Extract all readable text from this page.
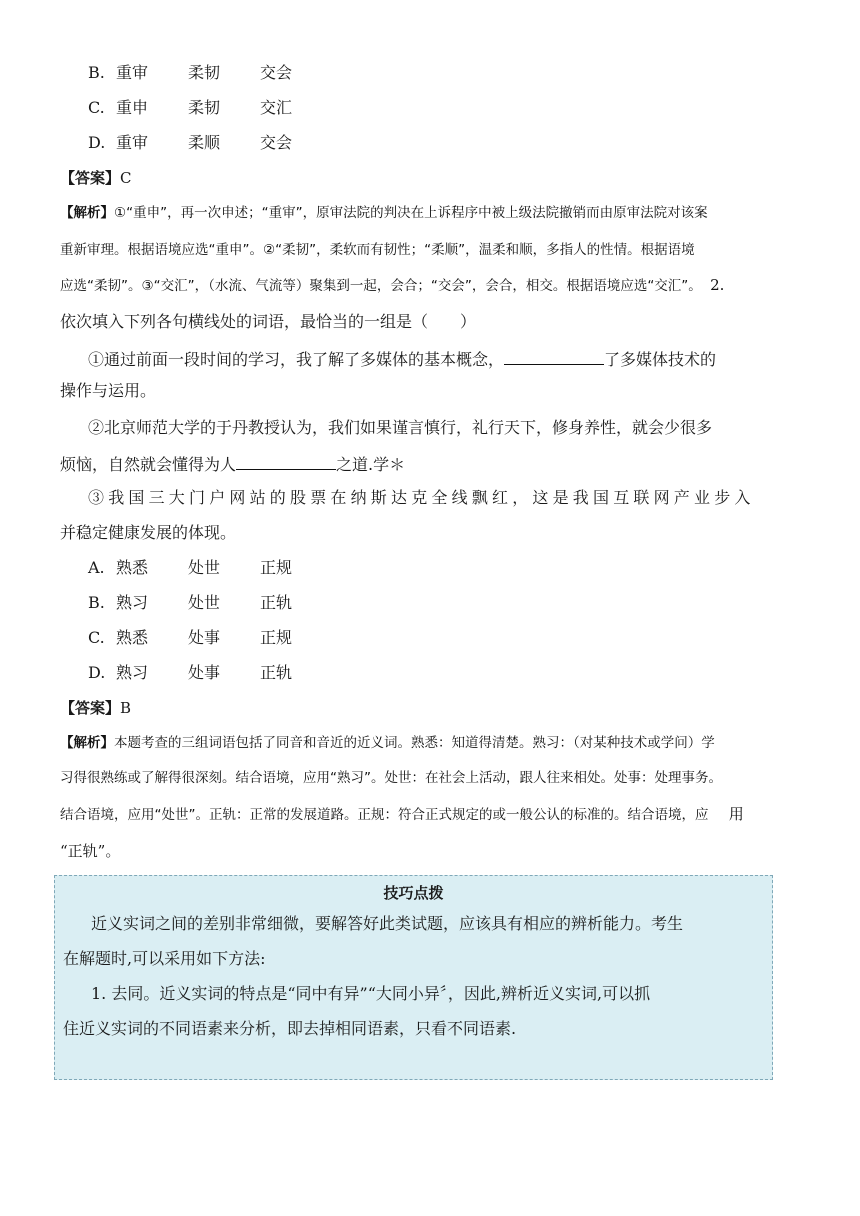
B. 重审 柔韧 交会
C. 重申 柔韧 交汇
D. 重审 柔顺 交会
【答案】C
【解析】①“重申”，再一次申述；“重审”，原审法院的判决在上诉程序中被上级法院撤销而由原审法院对该案
重新审理。根据语境应选“重申”。②“柔韧”，柔软而有韧性；“柔顺”，温柔和顺，多指人的性情。根据语境
应选“柔韧”。③“交汇”，（水流、气流等）聚集到一起，会合；“交会”，会合，相交。根据语境应选“交汇”。 2.
依次填入下列各句横线处的词语，最恰当的一组是（　　）
①通过前面一段时间的学习，我了解了多媒体的基本概念，	了多媒体技术的
操作与运用。
②北京师范大学的于丹教授认为，我们如果谨言慎行，礼行天下，修身养性，就会少很多
烦恼，自然就会懂得为人	之道.学＊
③我国三大门户网站的股票在纳斯达克全线飘红，这是我国互联网产业步入
并稳定健康发展的体现。
A. 熟悉 处世 正规
B. 熟习 处世 正轨
C. 熟悉 处事 正规
D. 熟习 处事 正轨
【答案】B
【解析】本题考查的三组词语包括了同音和音近的近义词。熟悉：知道得清楚。熟习：（对某种技术或学问）学
习得很熟练或了解得很深刻。结合语境，应用“熟习”。处世：在社会上活动，跟人往来相处。处事：处理事务。
结合语境，应用“处世”。正轨：正常的发展道路。正规：符合正式规定的或一般公认的标准的。结合语境，应 用
“正轨”。
技巧点拨
近义实词之间的差别非常细微，要解答好此类试题，应该具有相应的辨析能力。考生
在解题时,可以采用如下方法:
1. 去同。近义实词的特点是“同中有异”“大同小异〞，因此,辨析近义实词,可以抓
住近义实词的不同语素来分析，即去掉相同语素，只看不同语素.
